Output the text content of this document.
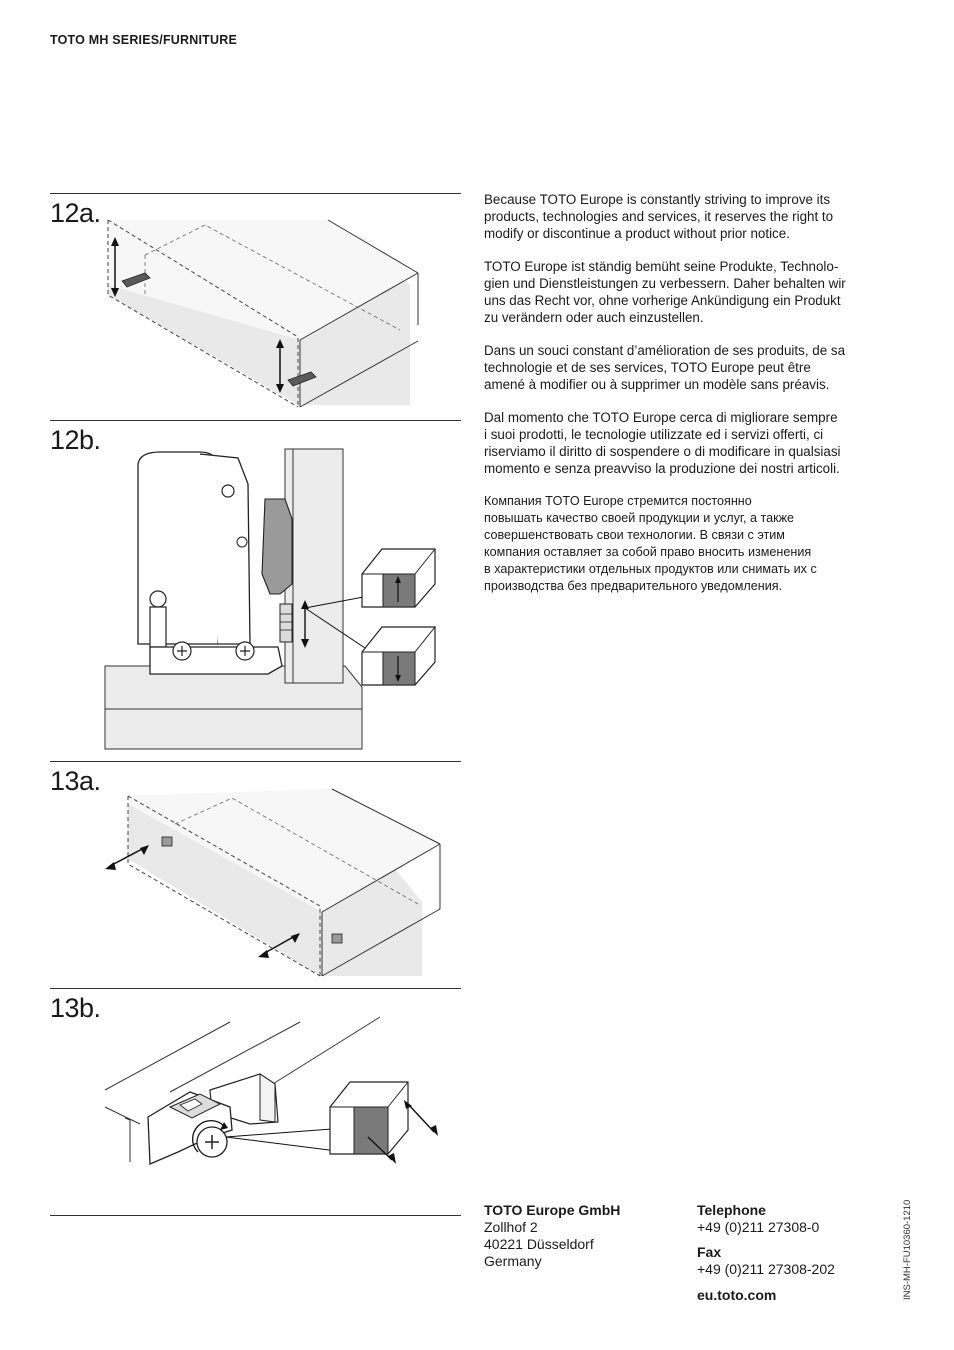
TOTO MH SERIES/FURNITURE
12a.
12b.
13a.
13b.

Because TOTO Europe is constantly striving to improve its
products, technologies and services, it reserves the right to
modify or discontinue a product without prior notice.

TOTO Europe ist ständig bemüht seine Produkte, Technolo-
gien und Dienstleistungen zu verbessern. Daher behalten wir
uns das Recht vor, ohne vorherige Ankündigung ein Produkt
zu verändern oder auch einzustellen.

Dans un souci constant d’amélioration de ses produits, de sa
technologie et de ses services, TOTO Europe peut être
amené à modifier ou à supprimer un modèle sans préavis.

Dal momento che TOTO Europe cerca di migliorare sempre
i suoi prodotti, le tecnologie utilizzate ed i servizi offerti, ci
riserviamo il diritto di sospendere o di modificare in qualsiasi
momento e senza preavviso la produzione dei nostri articoli.

Компания TOTO Europe стремится постоянно
повышать качество своей продукции и услуг, а также
совершенствовать свои технологии. В связи с этим
компания оставляет за собой право вносить изменения
в характеристики отдельных продуктов или снимать их с
производства без предварительного уведомления.

TOTO Europe GmbH
Zollhof 2
40221 Düsseldorf
Germany
Telephone
+49 (0)211 27308-0
Fax
+49 (0)211 27308-202
eu.toto.com	INS-MH-FU10360-1210
